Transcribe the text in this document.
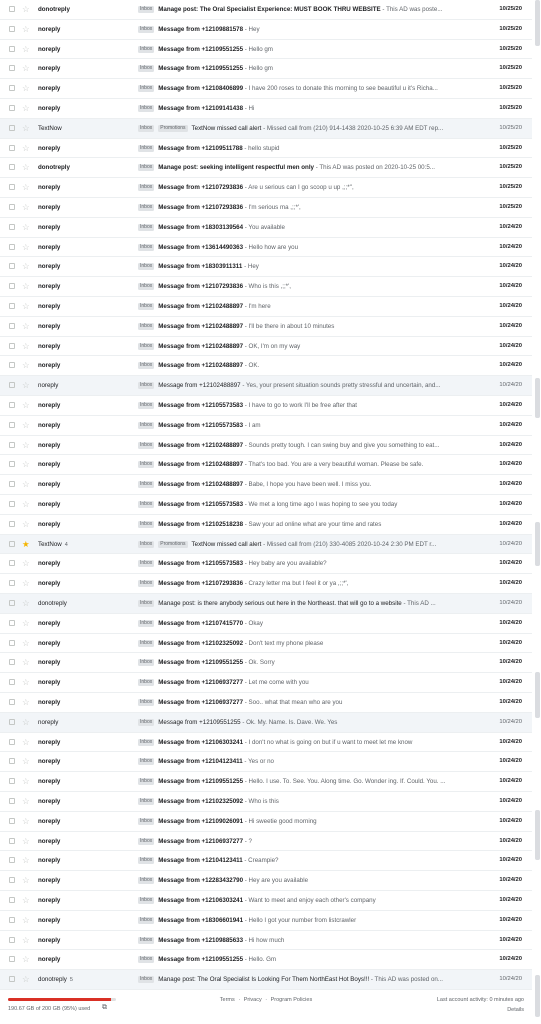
☆	donotreply	Inbox Manage post: The Oral Specialist Experience: MUST BOOK THRU WEBSITE - This AD was poste...	10/25/20
☆	noreply	Inbox Message from +12109881578 - Hey	10/25/20
☆	noreply	Inbox Message from +12109551255 - Hello gm	10/25/20
☆	noreply	Inbox Message from +12109551255 - Hello gm	10/25/20
☆	noreply	Inbox Message from +12108406899 - I have 200 roses to donate this morning to see beautiful u it's Richa...	10/25/20
☆	noreply	Inbox Message from +12109141438 - Hi	10/25/20
☆	TextNow	Inbox Promotions TextNow missed call alert - Missed call from (210) 914-1438 2020-10-25 6:39 AM EDT rep...	10/25/20
☆	noreply	Inbox Message from +12109511788 - hello stupid	10/25/20
☆	donotreply	Inbox Manage post: seeking intelligent respectful men only - This AD was posted on 2020-10-25 00:5...	10/25/20
☆	noreply	Inbox Message from +12107293836 - Are u serious can I go scoop u up ,;;*'',	10/25/20
☆	noreply	Inbox Message from +12107293836 - I'm serious ma ,;;*',	10/25/20
☆	noreply	Inbox Message from +18303139564 - You available	10/24/20
☆	noreply	Inbox Message from +13614490363 - Hello how are you	10/24/20
☆	noreply	Inbox Message from +18303911311 - Hey	10/24/20
☆	noreply	Inbox Message from +12107293836 - Who is this ,;;*',	10/24/20
☆	noreply	Inbox Message from +12102488897 - I'm here	10/24/20
☆	noreply	Inbox Message from +12102488897 - I'll be there in about 10 minutes	10/24/20
☆	noreply	Inbox Message from +12102488897 - OK, I'm on my way	10/24/20
☆	noreply	Inbox Message from +12102488897 - OK.	10/24/20
☆	noreply	Inbox Message from +12102488897 - Yes, your present situation sounds pretty stressful and uncertain, and...	10/24/20
☆	noreply	Inbox Message from +12105573583 - I have to go to work I'll be free after that	10/24/20
☆	noreply	Inbox Message from +12105573583 - I am	10/24/20
☆	noreply	Inbox Message from +12102488897 - Sounds pretty tough. I can swing buy and give you something to eat...	10/24/20
☆	noreply	Inbox Message from +12102488897 - That's too bad. You are a very beautiful woman. Please be safe.	10/24/20
☆	noreply	Inbox Message from +12102488897 - Babe, I hope you have been well. I miss you.	10/24/20
☆	noreply	Inbox Message from +12105573583 - We met a long time ago I was hoping to see you today	10/24/20
☆	noreply	Inbox Message from +12102518238 - Saw your ad online what are your time and rates	10/24/20
★	TextNow 4	Inbox Promotions TextNow missed call alert - Missed call from (210) 330-4085 2020-10-24 2:30 PM EDT r...	10/24/20
☆	noreply	Inbox Message from +12105573583 - Hey baby are you available?	10/24/20
☆	noreply	Inbox Message from +12107293836 - Crazy letter ma but I feel it or ya ,;;*',	10/24/20
☆	donotreply	Inbox Manage post: is there anybody serious out here in the Northeast. that will go to a website - This AD ...	10/24/20
☆	noreply	Inbox Message from +12107415770 - Okay	10/24/20
☆	noreply	Inbox Message from +12102325092 - Don't text my phone please	10/24/20
☆	noreply	Inbox Message from +12109551255 - Ok. Sorry	10/24/20
☆	noreply	Inbox Message from +12106937277 - Let me come with you	10/24/20
☆	noreply	Inbox Message from +12106937277 - Soo.. what that mean who are you	10/24/20
☆	noreply	Inbox Message from +12109551255 - Ok. My. Name. Is. Dave. We. Yes	10/24/20
☆	noreply	Inbox Message from +12106303241 - I don't no what is going on but if u want to meet let me know	10/24/20
☆	noreply	Inbox Message from +12104123411 - Yes or no	10/24/20
☆	noreply	Inbox Message from +12109551255 - Hello. I use. To. See. You. Along time. Go. Wonder ing. If. Could. You. ...	10/24/20
☆	noreply	Inbox Message from +12102325092 - Who is this	10/24/20
☆	noreply	Inbox Message from +12109026091 - Hi sweetie good morning	10/24/20
☆	noreply	Inbox Message from +12106937277 - ?	10/24/20
☆	noreply	Inbox Message from +12104123411 - Creampie?	10/24/20
☆	noreply	Inbox Message from +12283432790 - Hey are you available	10/24/20
☆	noreply	Inbox Message from +12106303241 - Want to meet and enjoy each other's company	10/24/20
☆	noreply	Inbox Message from +18306601941 - Hello I got your number from listcrawler	10/24/20
☆	noreply	Inbox Message from +12109885633 - Hi how much	10/24/20
☆	noreply	Inbox Message from +12109551255 - Hello. Gm	10/24/20
☆	donotreply 5	Inbox Manage post: The Oral Specialist Is Looking For Them NorthEast Hot Boys!!! - This AD was posted on...	10/24/20
190.67 GB of 200 GB (95%) used ⧉
Terms · Privacy · Program Policies	Last account activity: 0 minutes ago
Details
